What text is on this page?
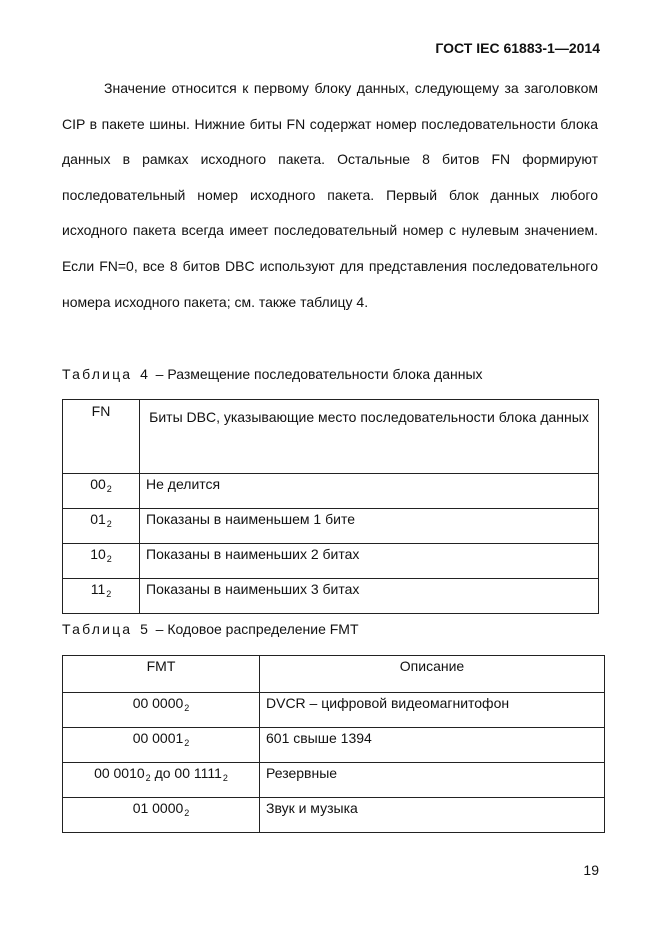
ГОСТ IEC 61883-1—2014

Значение относится к первому блоку данных, следующему за заголовком CIP в пакете шины. Нижние биты FN содержат номер последовательности блока данных в рамках исходного пакета. Остальные 8 битов FN формируют последовательный номер исходного пакета. Первый блок данных любого исходного пакета всегда имеет последовательный номер с нулевым значением. Если FN=0, все 8 битов DBC используют для представления последовательного номера исходного пакета; см. также таблицу 4.

Таблица 4 – Размещение последовательности блока данных

FN	Биты DBC, указывающие место последовательности блока данных
$00_2$	Не делится
$01_2$	Показаны в наименьшем 1 бите
$10_2$	Показаны в наименьших 2 битах
$11_2$	Показаны в наименьших 3 битах

Таблица 5 – Кодовое распределение FMT

FMT	Описание
00 $0000_2$	DVCR – цифровой видеомагнитофон
00 $0001_2$	601 свыше 1394
00 $0010_2$ до 00 $1111_2$	Резервные
01 $0000_2$	Звук и музыка

19
